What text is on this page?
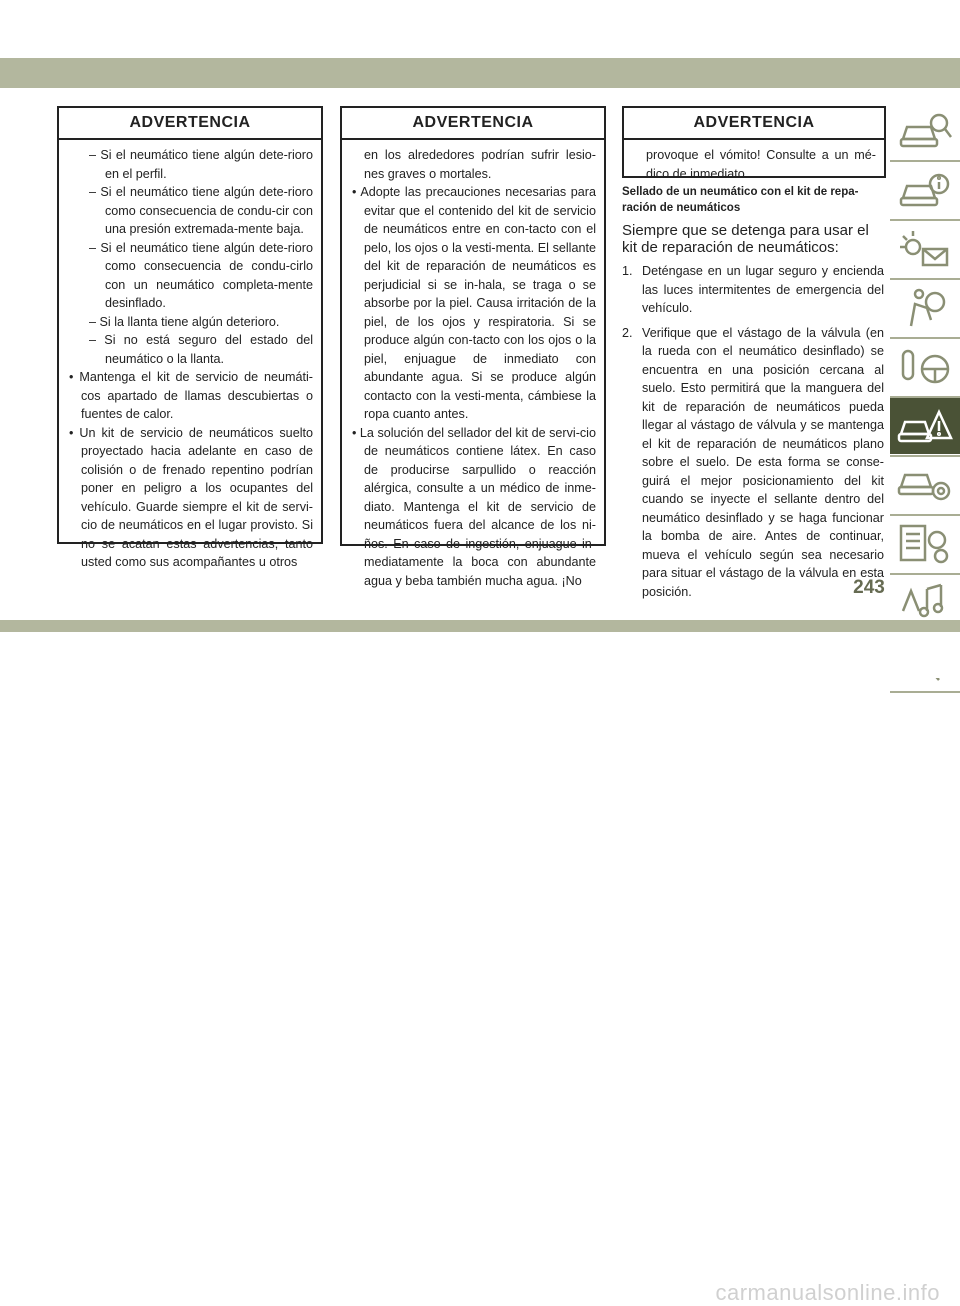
ADVERTENCIA

– Si el neumático tiene algún dete-rioro en el perfil.

– Si el neumático tiene algún dete-rioro como consecuencia de condu-cir con una presión extremada-mente baja.

– Si el neumático tiene algún dete-rioro como consecuencia de condu-cirlo con un neumático completa-mente desinflado.

– Si la llanta tiene algún deterioro.

– Si no está seguro del estado del neumático o la llanta.

• Mantenga el kit de servicio de neumáti-cos apartado de llamas descubiertas o fuentes de calor.

• Un kit de servicio de neumáticos suelto proyectado hacia adelante en caso de colisión o de frenado repentino podrían poner en peligro a los ocupantes del vehículo. Guarde siempre el kit de servi-cio de neumáticos en el lugar provisto. Si no se acatan estas advertencias, tanto usted como sus acompañantes u otros

ADVERTENCIA

en los alrededores podrían sufrir lesio-nes graves o mortales.

• Adopte las precauciones necesarias para evitar que el contenido del kit de servicio de neumáticos entre en con-tacto con el pelo, los ojos o la vesti-menta. El sellante del kit de reparación de neumáticos es perjudicial si se in-hala, se traga o se absorbe por la piel. Causa irritación de la piel, de los ojos y respiratoria. Si se produce algún con-tacto con los ojos o la piel, enjuague de inmediato con abundante agua. Si se produce algún contacto con la vesti-menta, cámbiese la ropa cuanto antes.

• La solución del sellador del kit de servi-cio de neumáticos contiene látex. En caso de producirse sarpullido o reacción alérgica, consulte a un médico de inme-diato. Mantenga el kit de servicio de neumáticos fuera del alcance de los ni-ños. En caso de ingestión, enjuague in-mediatamente la boca con abundante agua y beba también mucha agua. ¡No

ADVERTENCIA

provoque el vómito! Consulte a un mé-dico de inmediato.

Sellado de un neumático con el kit de repa-ración de neumáticos
Siempre que se detenga para usar el kit de reparación de neumáticos:
1. Deténgase en un lugar seguro y encienda las luces intermitentes de emergencia del vehículo.
2. Verifique que el vástago de la válvula (en la rueda con el neumático desinflado) se encuentra en una posición cercana al suelo. Esto permitirá que la manguera del kit de reparación de neumáticos pueda llegar al vástago de válvula y se mantenga el kit de reparación de neumáticos plano sobre el suelo. De esta forma se conse-guirá el mejor posicionamiento del kit cuando se inyecte el sellante dentro del neumático desinflado y se haga funcionar la bomba de aire. Antes de continuar, mueva el vehículo según sea necesario para situar el vástago de la válvula en esta posición.	243
carmanualsonline.info
